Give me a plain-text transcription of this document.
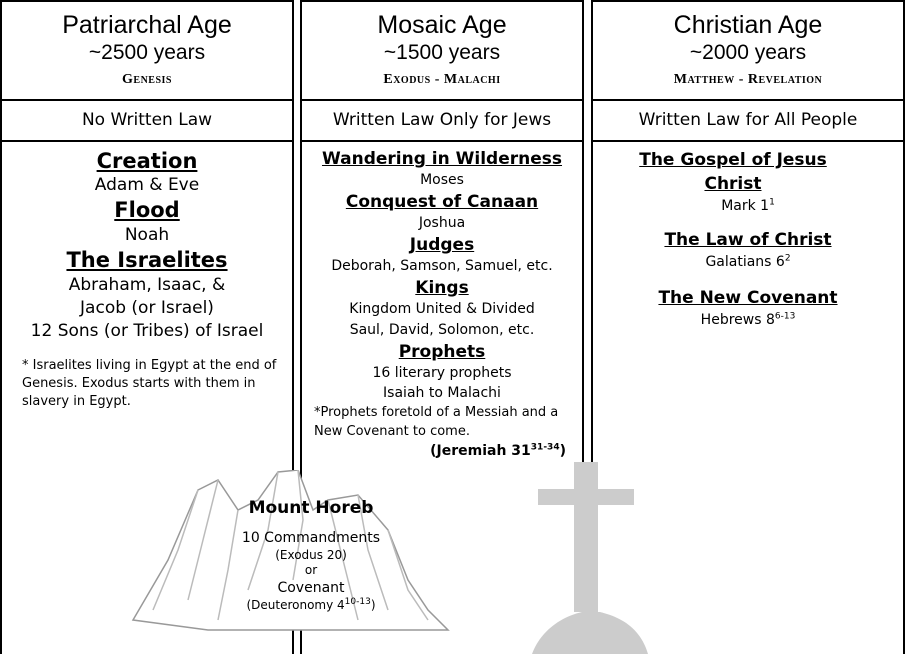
Patriarchal Age
~2500 years
Genesis
No Written Law
Creation
Adam & Eve
Flood
Noah
The Israelites
Abraham, Isaac, &
Jacob (or Israel)
12 Sons (or Tribes) of Israel
* Israelites living in Egypt at the end of Genesis. Exodus starts with them in slavery in Egypt.
Mosaic Age
~1500 years
Exodus - Malachi
Written Law Only for Jews
Wandering in Wilderness
Moses
Conquest of Canaan
Joshua
Judges
Deborah, Samson, Samuel, etc.
Kings
Kingdom United & Divided
Saul, David, Solomon, etc.
Prophets
16 literary prophets
Isaiah to Malachi
*Prophets foretold of a Messiah and a New Covenant to come.
(Jeremiah 31$^{31-34}$)
Christian Age
~2000 years
Matthew - Revelation
Written Law for All People
The Gospel of Jesus Christ
Mark $1^1$
The Law of Christ
Galatians $6^2$
The New Covenant
Hebrews 8$^{6-13}$
Mount Horeb
10 Commandments
(Exodus 20)
or
Covenant
(Deuteronomy 4$^{10-13}$)
